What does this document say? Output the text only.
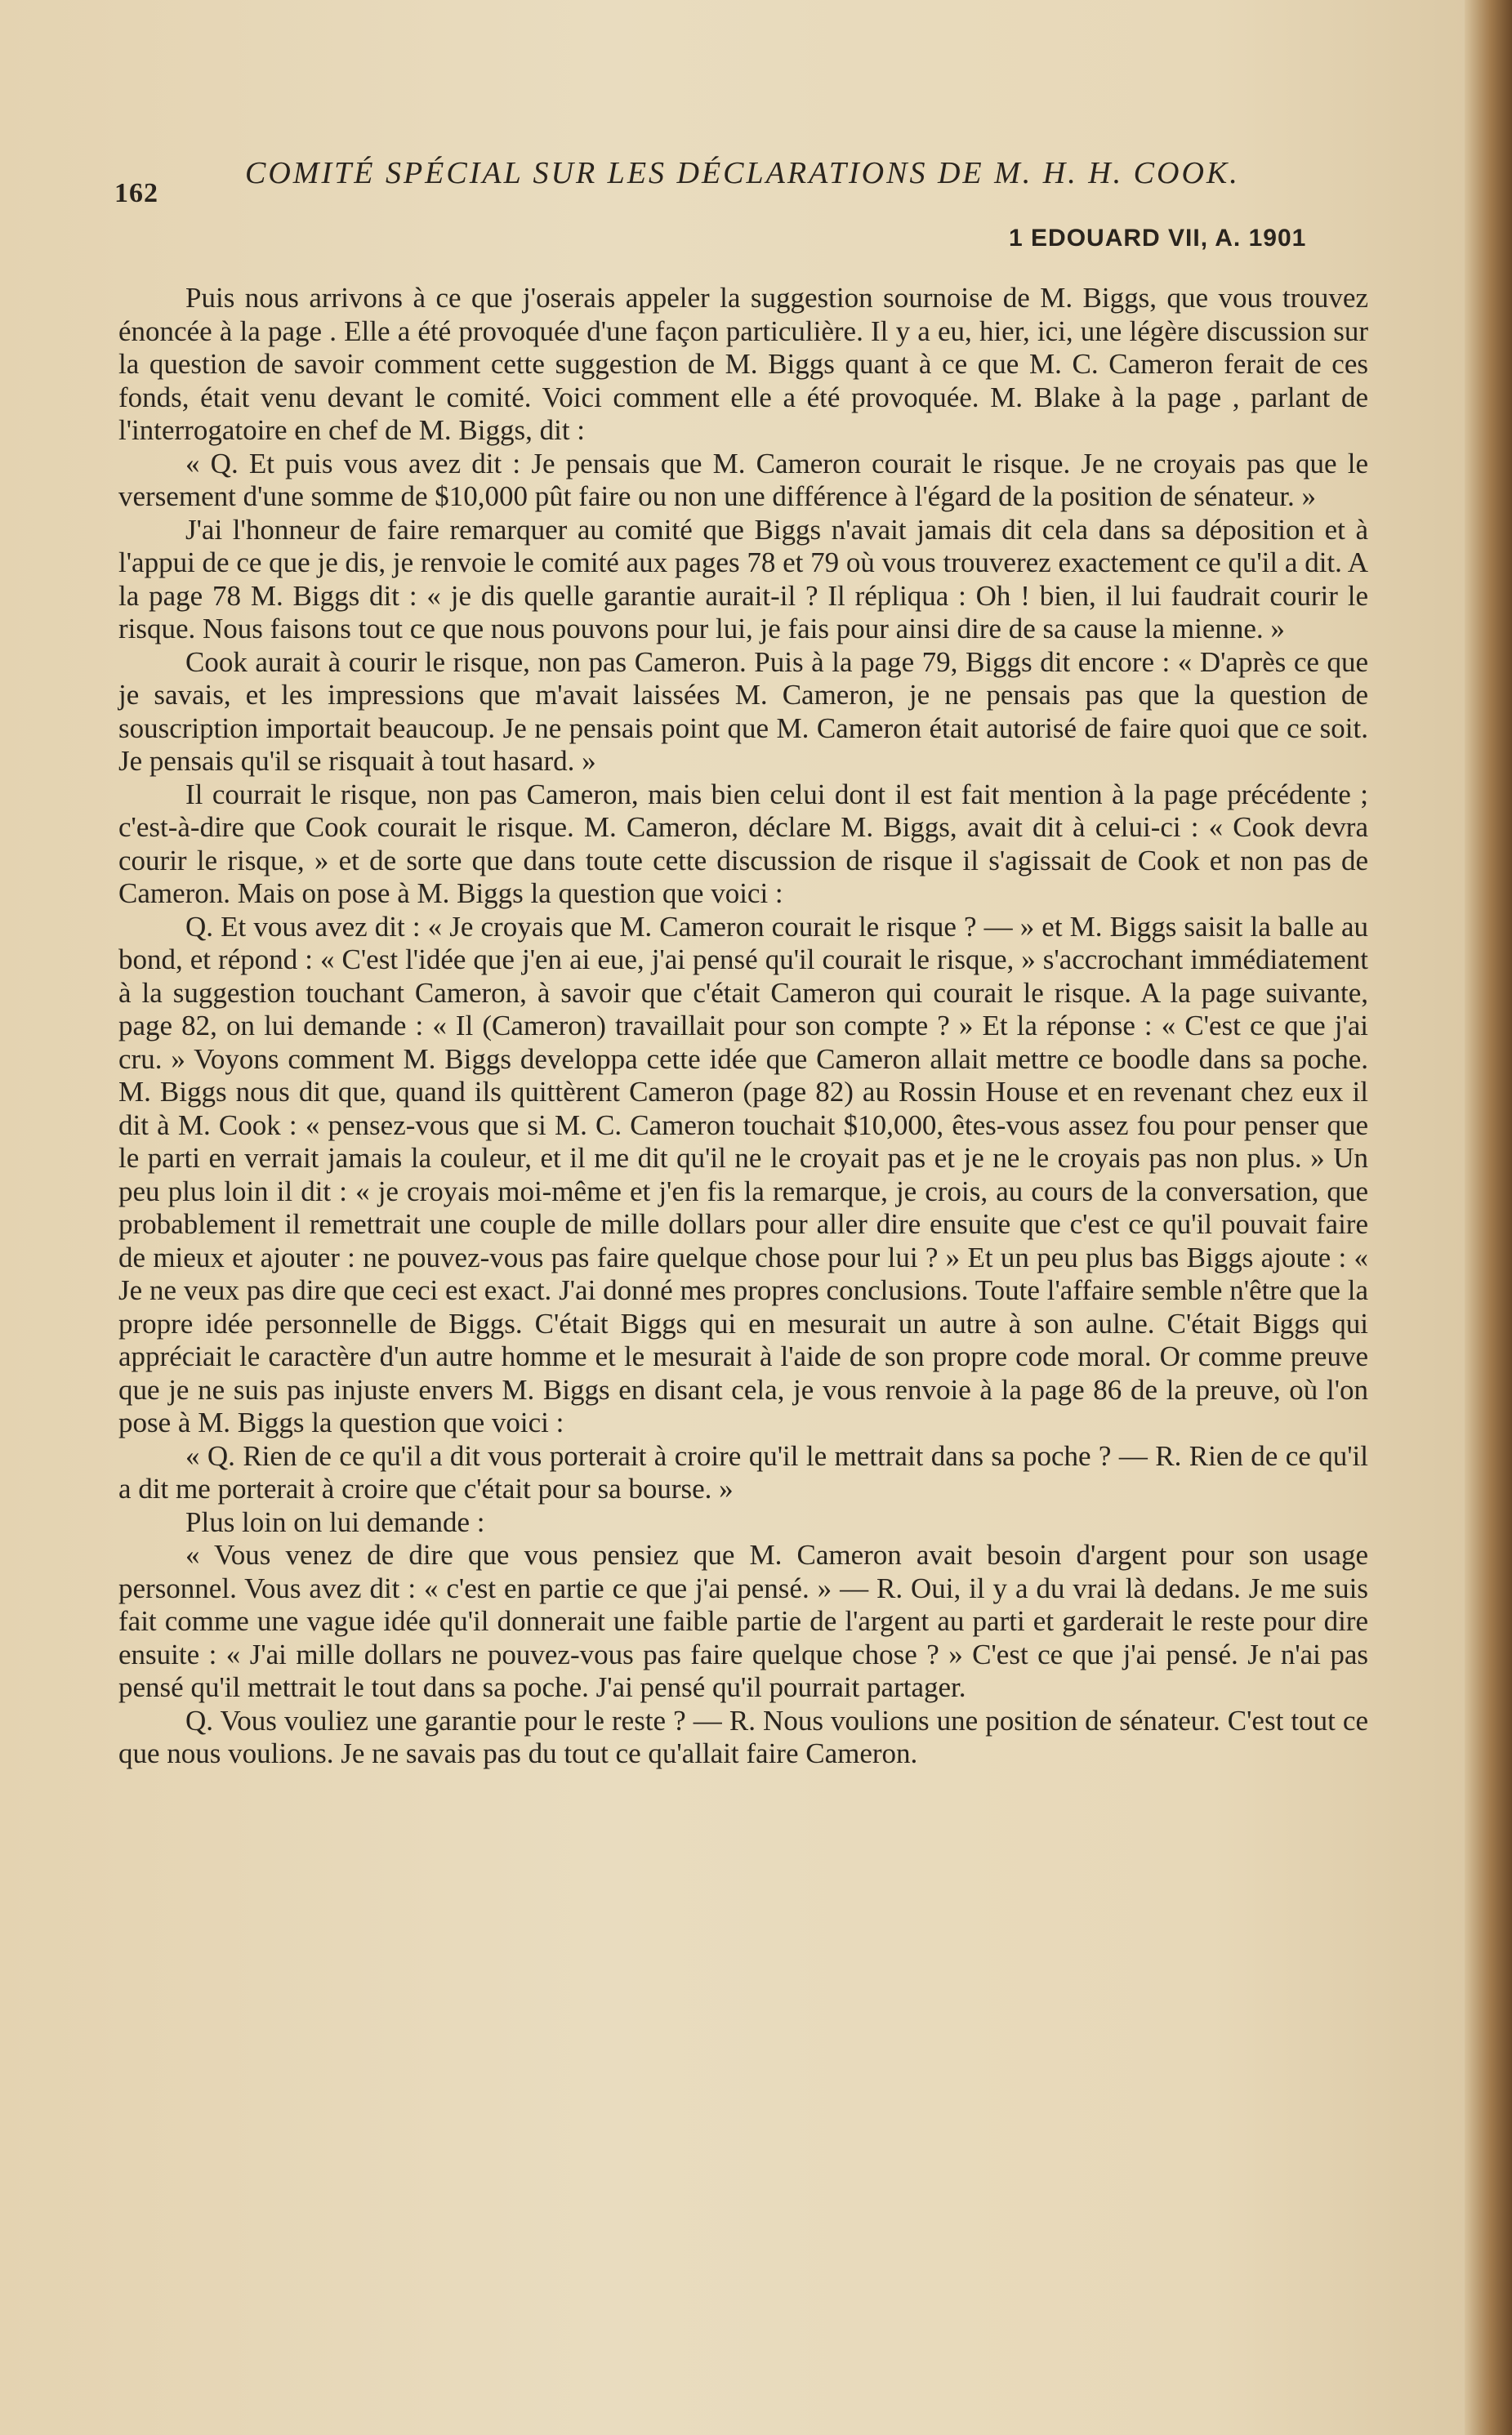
162
COMITÉ SPÉCIAL SUR LES DÉCLARATIONS DE M. H. H. COOK.
1 EDOUARD VII, A. 1901

Puis nous arrivons à ce que j'oserais appeler la suggestion sournoise de M. Biggs, que vous trouvez énoncée à la page . Elle a été provoquée d'une façon particulière. Il y a eu, hier, ici, une légère discussion sur la question de savoir comment cette suggestion de M. Biggs quant à ce que M. C. Cameron ferait de ces fonds, était venu devant le comité. Voici comment elle a été provoquée. M. Blake à la page , parlant de l'interrogatoire en chef de M. Biggs, dit :

« Q. Et puis vous avez dit : Je pensais que M. Cameron courait le risque. Je ne croyais pas que le versement d'une somme de $10,000 pût faire ou non une différence à l'égard de la position de sénateur. »

J'ai l'honneur de faire remarquer au comité que Biggs n'avait jamais dit cela dans sa déposition et à l'appui de ce que je dis, je renvoie le comité aux pages 78 et 79 où vous trouverez exactement ce qu'il a dit. A la page 78 M. Biggs dit : « je dis quelle garantie aurait-il ? Il répliqua : Oh ! bien, il lui faudrait courir le risque. Nous faisons tout ce que nous pouvons pour lui, je fais pour ainsi dire de sa cause la mienne. »

Cook aurait à courir le risque, non pas Cameron. Puis à la page 79, Biggs dit encore : « D'après ce que je savais, et les impressions que m'avait laissées M. Cameron, je ne pensais pas que la question de souscription importait beaucoup. Je ne pensais point que M. Cameron était autorisé de faire quoi que ce soit. Je pensais qu'il se risquait à tout hasard. »

Il courrait le risque, non pas Cameron, mais bien celui dont il est fait mention à la page précédente ; c'est-à-dire que Cook courait le risque. M. Cameron, déclare M. Biggs, avait dit à celui-ci : « Cook devra courir le risque, » et de sorte que dans toute cette discussion de risque il s'agissait de Cook et non pas de Cameron. Mais on pose à M. Biggs la question que voici :

Q. Et vous avez dit : « Je croyais que M. Cameron courait le risque ? — » et M. Biggs saisit la balle au bond, et répond : « C'est l'idée que j'en ai eue, j'ai pensé qu'il courait le risque, » s'accrochant immédiatement à la suggestion touchant Cameron, à savoir que c'était Cameron qui courait le risque. A la page suivante, page 82, on lui demande : « Il (Cameron) travaillait pour son compte ? » Et la réponse : « C'est ce que j'ai cru. » Voyons comment M. Biggs developpa cette idée que Cameron allait mettre ce boodle dans sa poche. M. Biggs nous dit que, quand ils quittèrent Cameron (page 82) au Rossin House et en revenant chez eux il dit à M. Cook : « pensez-vous que si M. C. Cameron touchait $10,000, êtes-vous assez fou pour penser que le parti en verrait jamais la couleur, et il me dit qu'il ne le croyait pas et je ne le croyais pas non plus. » Un peu plus loin il dit : « je croyais moi-même et j'en fis la remarque, je crois, au cours de la conversation, que probablement il remettrait une couple de mille dollars pour aller dire ensuite que c'est ce qu'il pouvait faire de mieux et ajouter : ne pouvez-vous pas faire quelque chose pour lui ? » Et un peu plus bas Biggs ajoute : « Je ne veux pas dire que ceci est exact. J'ai donné mes propres conclusions. Toute l'affaire semble n'être que la propre idée personnelle de Biggs. C'était Biggs qui en mesurait un autre à son aulne. C'était Biggs qui appréciait le caractère d'un autre homme et le mesurait à l'aide de son propre code moral. Or comme preuve que je ne suis pas injuste envers M. Biggs en disant cela, je vous renvoie à la page 86 de la preuve, où l'on pose à M. Biggs la question que voici :

« Q. Rien de ce qu'il a dit vous porterait à croire qu'il le mettrait dans sa poche ? — R. Rien de ce qu'il a dit me porterait à croire que c'était pour sa bourse. »

Plus loin on lui demande :

« Vous venez de dire que vous pensiez que M. Cameron avait besoin d'argent pour son usage personnel. Vous avez dit : « c'est en partie ce que j'ai pensé. » — R. Oui, il y a du vrai là dedans. Je me suis fait comme une vague idée qu'il donnerait une faible partie de l'argent au parti et garderait le reste pour dire ensuite : « J'ai mille dollars ne pouvez-vous pas faire quelque chose ? » C'est ce que j'ai pensé. Je n'ai pas pensé qu'il mettrait le tout dans sa poche. J'ai pensé qu'il pourrait partager.

Q. Vous vouliez une garantie pour le reste ? — R. Nous voulions une position de sénateur. C'est tout ce que nous voulions. Je ne savais pas du tout ce qu'allait faire Cameron.
